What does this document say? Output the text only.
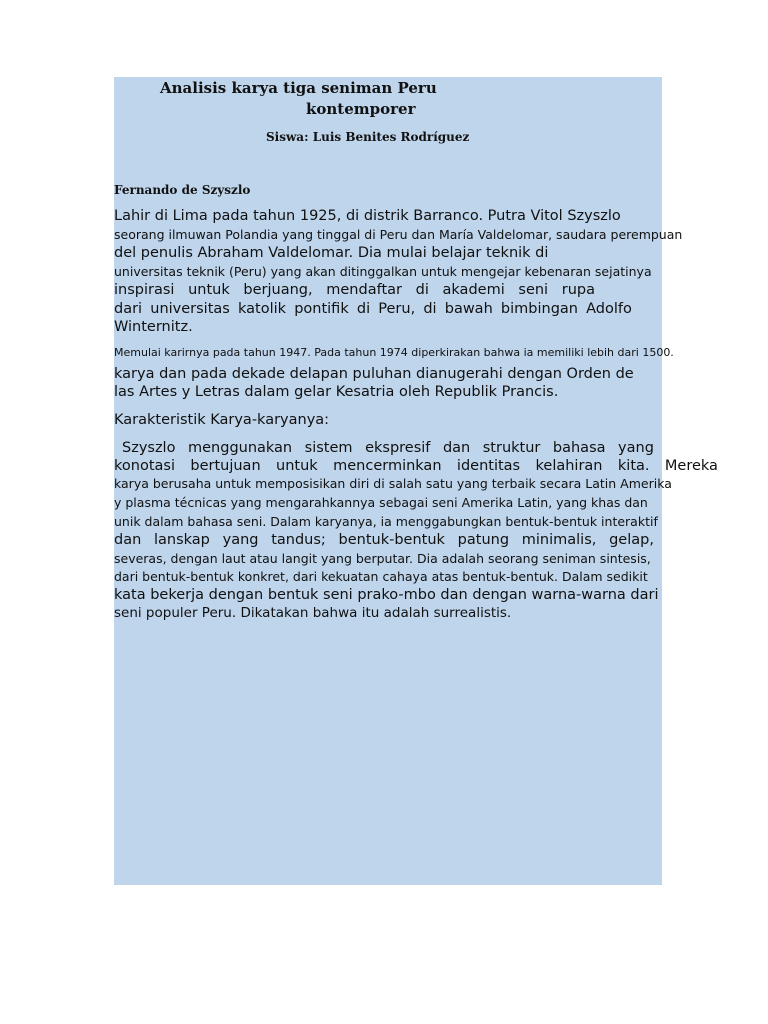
Analisis karya tiga seniman Peru

kontemporer

Siswa: Luis Benites Rodríguez

Fernando de Szyszlo

Lahir di Lima pada tahun 1925, di distrik Barranco. Putra Vitol Szyszlo

seorang ilmuwan Polandia yang tinggal di Peru dan María Valdelomar, saudara perempuan

del penulis Abraham Valdelomar. Dia mulai belajar teknik di

universitas teknik (Peru) yang akan ditinggalkan untuk mengejar kebenaran sejatinya

inspirasi untuk berjuang, mendaftar di akademi seni rupa
dari universitas katolik pontifik di Peru, di bawah bimbingan Adolfo

Winternitz.

Memulai karirnya pada tahun 1947. Pada tahun 1974 diperkirakan bahwa ia memiliki lebih dari 1500.

karya dan pada dekade delapan puluhan dianugerahi dengan Orden de

las Artes y Letras dalam gelar Kesatria oleh Republik Prancis.

Karakteristik Karya-karyanya:

Szyszlo menggunakan sistem ekspresif dan struktur bahasa yang
konotasi bertujuan untuk mencerminkan identitas kelahiran kita. Mereka

karya berusaha untuk memposisikan diri di salah satu yang terbaik secara Latin Amerika

y plasma técnicas yang mengarahkannya sebagai seni Amerika Latin, yang khas dan

unik dalam bahasa seni. Dalam karyanya, ia menggabungkan bentuk-bentuk interaktif

dan lanskap yang tandus; bentuk-bentuk patung minimalis, gelap,

severas, dengan laut atau langit yang berputar. Dia adalah seorang seniman sintesis,

dari bentuk-bentuk konkret, dari kekuatan cahaya atas bentuk-bentuk. Dalam sedikit

kata bekerja dengan bentuk seni prako-mbo dan dengan warna-warna dari

seni populer Peru. Dikatakan bahwa itu adalah surrealistis.
